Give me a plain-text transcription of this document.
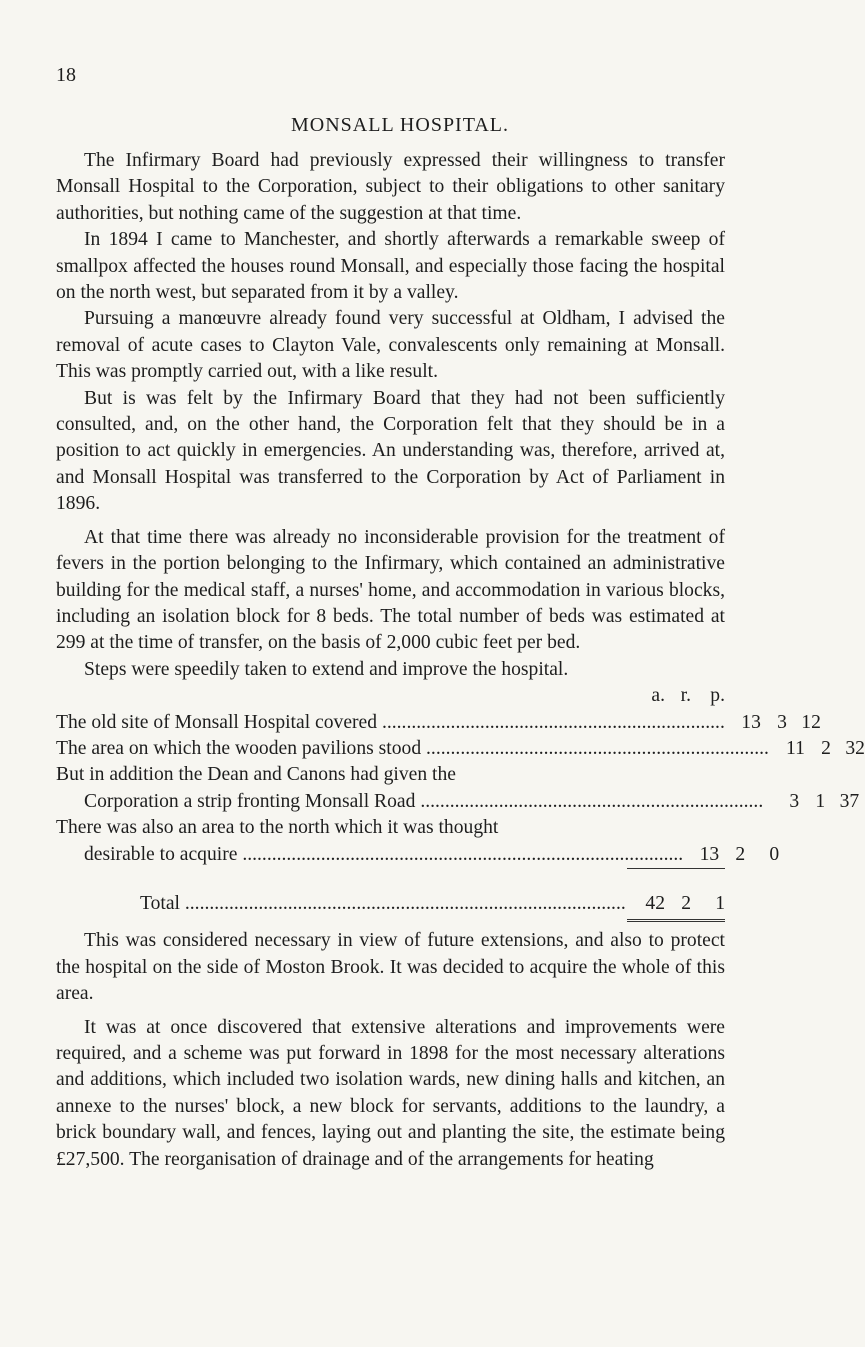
18
MONSALL HOSPITAL.

The Infirmary Board had previously expressed their willingness to transfer Monsall Hospital to the Corporation, subject to their obligations to other sanitary authorities, but nothing came of the suggestion at that time.

In 1894 I came to Manchester, and shortly afterwards a remarkable sweep of smallpox affected the houses round Monsall, and especially those facing the hospital on the north west, but separated from it by a valley.

Pursuing a manœuvre already found very successful at Oldham, I advised the removal of acute cases to Clayton Vale, convalescents only remaining at Monsall. This was promptly carried out, with a like result.

But is was felt by the Infirmary Board that they had not been sufficiently consulted, and, on the other hand, the Corporation felt that they should be in a position to act quickly in emergencies. An understanding was, therefore, arrived at, and Monsall Hospital was transferred to the Corporation by Act of Parliament in 1896.

At that time there was already no inconsiderable provision for the treatment of fevers in the portion belonging to the Infirmary, which contained an administrative building for the medical staff, a nurses' home, and accommodation in various blocks, including an isolation block for 8 beds. The total number of beds was estimated at 299 at the time of transfer, on the basis of 2,000 cubic feet per bed.

Steps were speedily taken to extend and improve the hospital.

a. r. p.
The old site of Monsall Hospital covered ...................................................................... 13 3 12
The area on which the wooden pavilions stood ...................................................................... 11 2 32
But in addition the Dean and Canons had given the
Corporation a strip fronting Monsall Road ......................................................................	3 1 37
There was also an area to the north which it was thought
desirable to acquire .......................................................................................... 13 2	0
Total ..........................................................................................	42 2	1

This was considered necessary in view of future extensions, and also to protect the hospital on the side of Moston Brook. It was decided to acquire the whole of this area.

It was at once discovered that extensive alterations and improvements were required, and a scheme was put forward in 1898 for the most necessary alterations and additions, which included two isolation wards, new dining halls and kitchen, an annexe to the nurses' block, a new block for servants, additions to the laundry, a brick boundary wall, and fences, laying out and planting the site, the estimate being £27,500. The reorganisation of drainage and of the arrangements for heating
